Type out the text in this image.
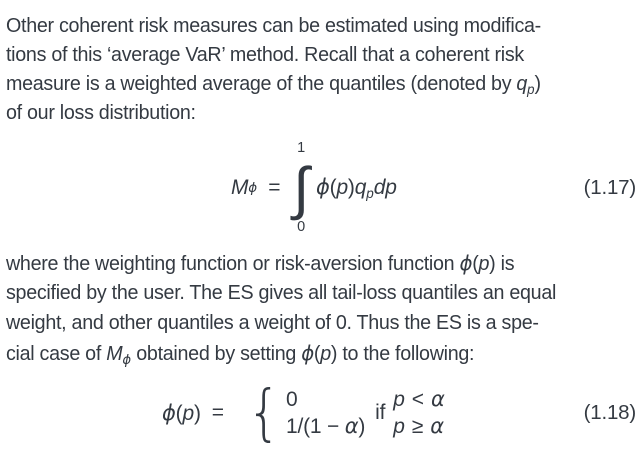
Other coherent risk measures can be estimated using modifica-
tions of this ‘average VaR’ method. Recall that a coherent risk
measure is a weighted average of the quantiles (denoted by $q_p$)
of our loss distribution:
M ϕ =
1
∫
0
$\phi(p)q_pdp$	(1.17)
where the weighting function or risk-aversion function ϕ(p) is
specified by the user. The ES gives all tail-loss quantiles an equal
weight, and other quantiles a weight of 0. Thus the ES is a spe-
cial case of $M_\phi$ obtained by setting ϕ(p) to the following:
ϕ(p) = { 0
1/(1 − α)
if
p < α
p ≥ α
(1.18)
